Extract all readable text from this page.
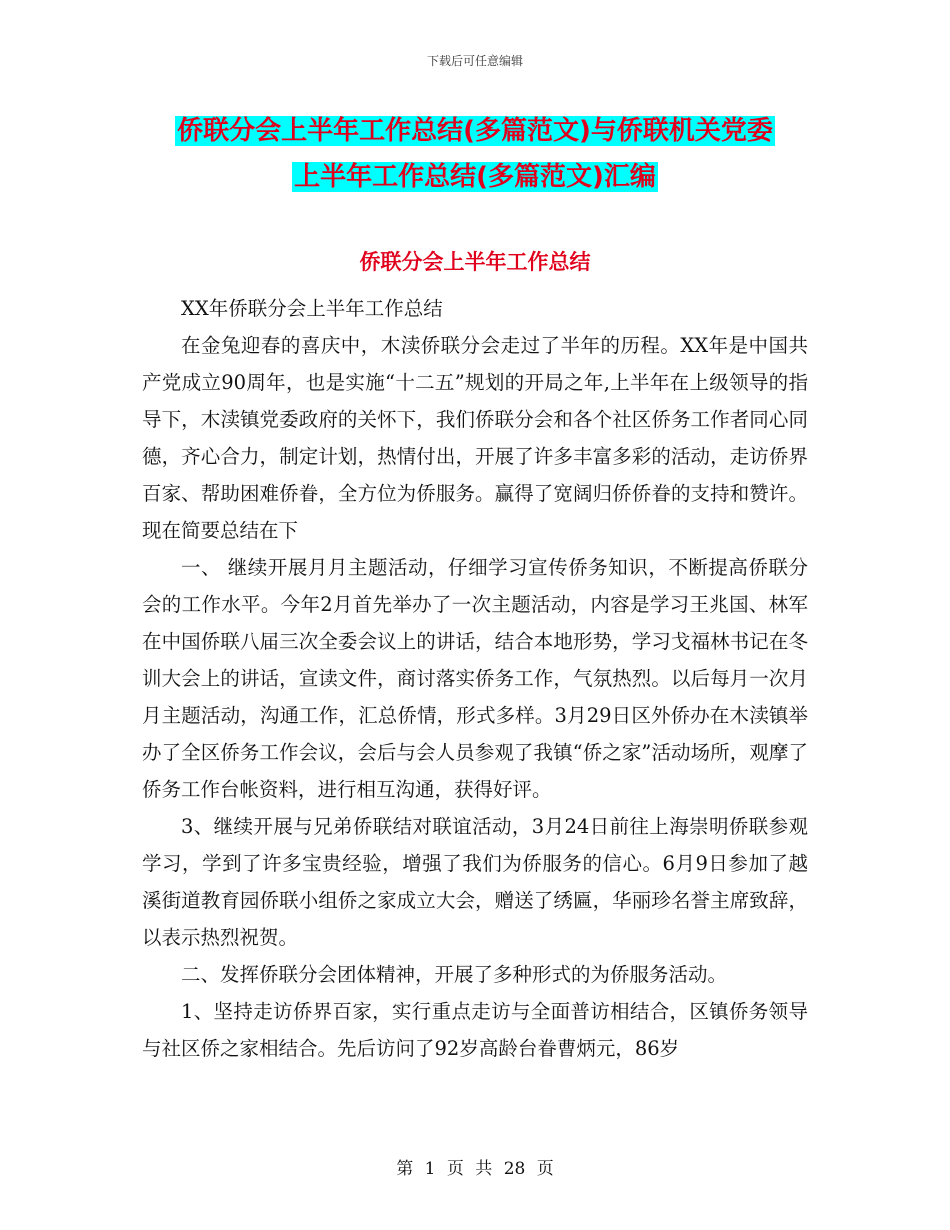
下载后可任意编辑
侨联分会上半年工作总结(多篇范文)与侨联机关党委
上半年工作总结(多篇范文)汇编
侨联分会上半年工作总结

XX年侨联分会上半年工作总结

在金兔迎春的喜庆中，木渎侨联分会走过了半年的历程。XX年是中国共产党成立90周年，也是实施“十二五”规划的开局之年,上半年在上级领导的指导下，木渎镇党委政府的关怀下，我们侨联分会和各个社区侨务工作者同心同德，齐心合力，制定计划，热情付出，开展了许多丰富多彩的活动，走访侨界百家、帮助困难侨眷，全方位为侨服务。赢得了宽阔归侨侨眷的支持和赞许。现在简要总结在下

一、 继续开展月月主题活动，仔细学习宣传侨务知识，不断提高侨联分会的工作水平。今年2月首先举办了一次主题活动，内容是学习王兆国、林军在中国侨联八届三次全委会议上的讲话，结合本地形势，学习戈福林书记在冬训大会上的讲话，宣读文件，商讨落实侨务工作，气氛热烈。以后每月一次月月主题活动，沟通工作，汇总侨情，形式多样。3月29日区外侨办在木渎镇举办了全区侨务工作会议，会后与会人员参观了我镇“侨之家”活动场所，观摩了侨务工作台帐资料，进行相互沟通，获得好评。

3、继续开展与兄弟侨联结对联谊活动，3月24日前往上海崇明侨联参观学习，学到了许多宝贵经验，增强了我们为侨服务的信心。6月9日参加了越溪街道教育园侨联小组侨之家成立大会，赠送了绣匾，华丽珍名誉主席致辞，以表示热烈祝贺。

二、发挥侨联分会团体精神，开展了多种形式的为侨服务活动。

1、坚持走访侨界百家，实行重点走访与全面普访相结合，区镇侨务领导与社区侨之家相结合。先后访问了92岁高龄台眷曹炳元，86岁

第 1 页 共 28 页
